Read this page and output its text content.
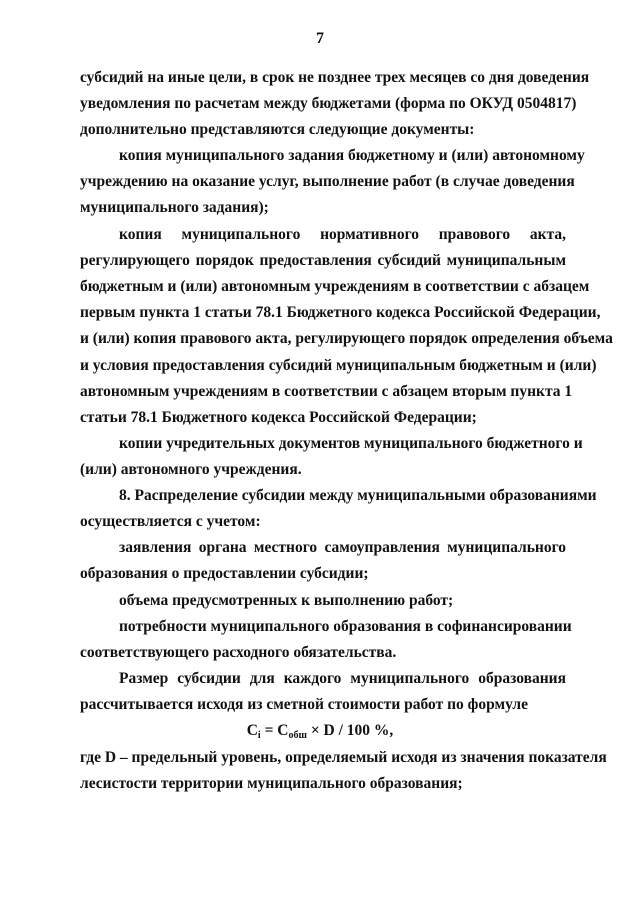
7
субсидий на иные цели, в срок не позднее трех месяцев со дня доведения
уведомления по расчетам между бюджетами (форма по ОКУД 0504817)
дополнительно представляются следующие документы:
копия муниципального задания бюджетному и (или) автономному
учреждению на оказание услуг, выполнение работ (в случае доведения
муниципального задания);
копия муниципального нормативного правового акта,
регулирующего порядок предоставления субсидий муниципальным
бюджетным и (или) автономным учреждениям в соответствии с абзацем
первым пункта 1 статьи 78.1 Бюджетного кодекса Российской Федерации,
и (или) копия правового акта, регулирующего порядок определения объема
и условия предоставления субсидий муниципальным бюджетным и (или)
автономным учреждениям в соответствии с абзацем вторым пункта 1
статьи 78.1 Бюджетного кодекса Российской Федерации;
копии учредительных документов муниципального бюджетного и
(или) автономного учреждения.
8. Распределение субсидии между муниципальными образованиями
осуществляется с учетом:
заявления органа местного самоуправления муниципального
образования о предоставлении субсидии;
объема предусмотренных к выполнению работ;
потребности муниципального образования в софинансировании
соответствующего расходного обязательства.
Размер субсидии для каждого муниципального образования
рассчитывается исходя из сметной стоимости работ по формуле
$C_i = C_{обш} \times D / 100$ %,
где D – предельный уровень, определяемый исходя из значения показателя
лесистости территории муниципального образования;
